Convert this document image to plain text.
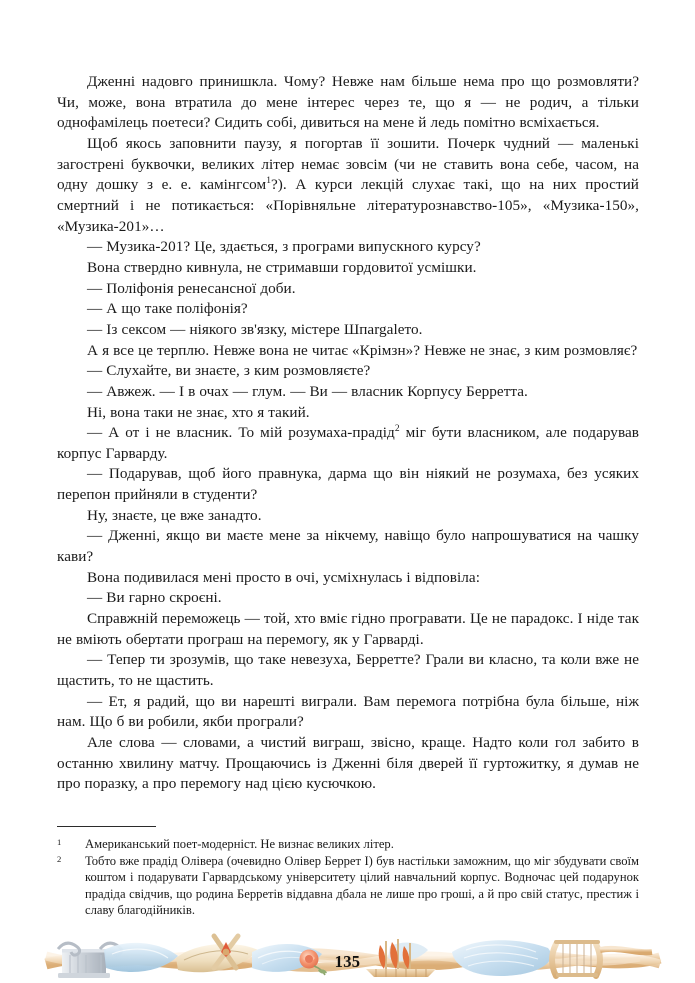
Дженні надовго принишкла. Чому? Невже нам більше нема про що розмовляти? Чи, може, вона втратила до мене інтерес через те, що я — не родич, а тільки однофамілець поетеси? Сидить собі, дивиться на мене й ледь помітно всміхається.

Щоб якось заповнити паузу, я погортав її зошити. Почерк чудний — маленькі загострені буквочки, великих літер немає зовсім (чи не ставить вона себе, часом, на одну дошку з е. е. камінгсом$^1$?). А курси лекцій слухає такі, що на них простий смертний і не потикається: «Порівняльне літературознавство-105», «Музика-150», «Музика-201»…

— Музика-201? Це, здається, з програми випускного курсу?

Вона ствердно кивнула, не стримавши гордовитої усмішки.

— Поліфонія ренесансної доби.

— А що таке поліфонія?

— Із сексом — ніякого зв'язку, містере Шпargalето.

А я все це терплю. Невже вона не читає «Крімзн»? Невже не знає, з ким розмовляє?

— Слухайте, ви знаєте, з ким розмовляєте?

— Авжеж. — І в очах — глум. — Ви — власник Корпусу Берретта.

Ні, вона таки не знає, хто я такий.

— А от і не власник. То мій розумаха-прадід$^2$ міг бути власником, але подарував корпус Гарварду.

— Подарував, щоб його правнука, дарма що він ніякий не розумаха, без усяких перепон прийняли в студенти?

Ну, знаєте, це вже занадто.

— Дженні, якщо ви маєте мене за нікчему, навіщо було напрошуватися на чашку кави?

Вона подивилася мені просто в очі, усміхнулась і відповіла:

— Ви гарно скроєні.

Справжній переможець — той, хто вміє гідно програвати. Це не парадокс. І ніде так не вміють обертати програш на перемогу, як у Гарварді.

— Тепер ти зрозумів, що таке невезуха, Берретте? Грали ви класно, та коли вже не щастить, то не щастить.

— Ет, я радий, що ви нарешті виграли. Вам перемога потрібна була більше, ніж нам. Що б ви робили, якби програли?

Але слова — словами, а чистий виграш, звісно, краще. Надто коли гол забито в останню хвилину матчу. Прощаючись із Дженні біля дверей її гуртожитку, я думав не про поразку, а про перемогу над цією кусючкою.

1 Американський поет-модерніст. Не визнає великих літер.
2 Тобто вже прадід Олівера (очевидно Олівер Беррет I) був настільки заможним, що міг збудувати своїм коштом і подарувати Гарвардському університету цілий навчальний корпус. Водночас цей подарунок прадіда свідчив, що родина Берретів віддавна дбала не лише про гроші, а й про свій статус, престиж і славу благодійників.
135
